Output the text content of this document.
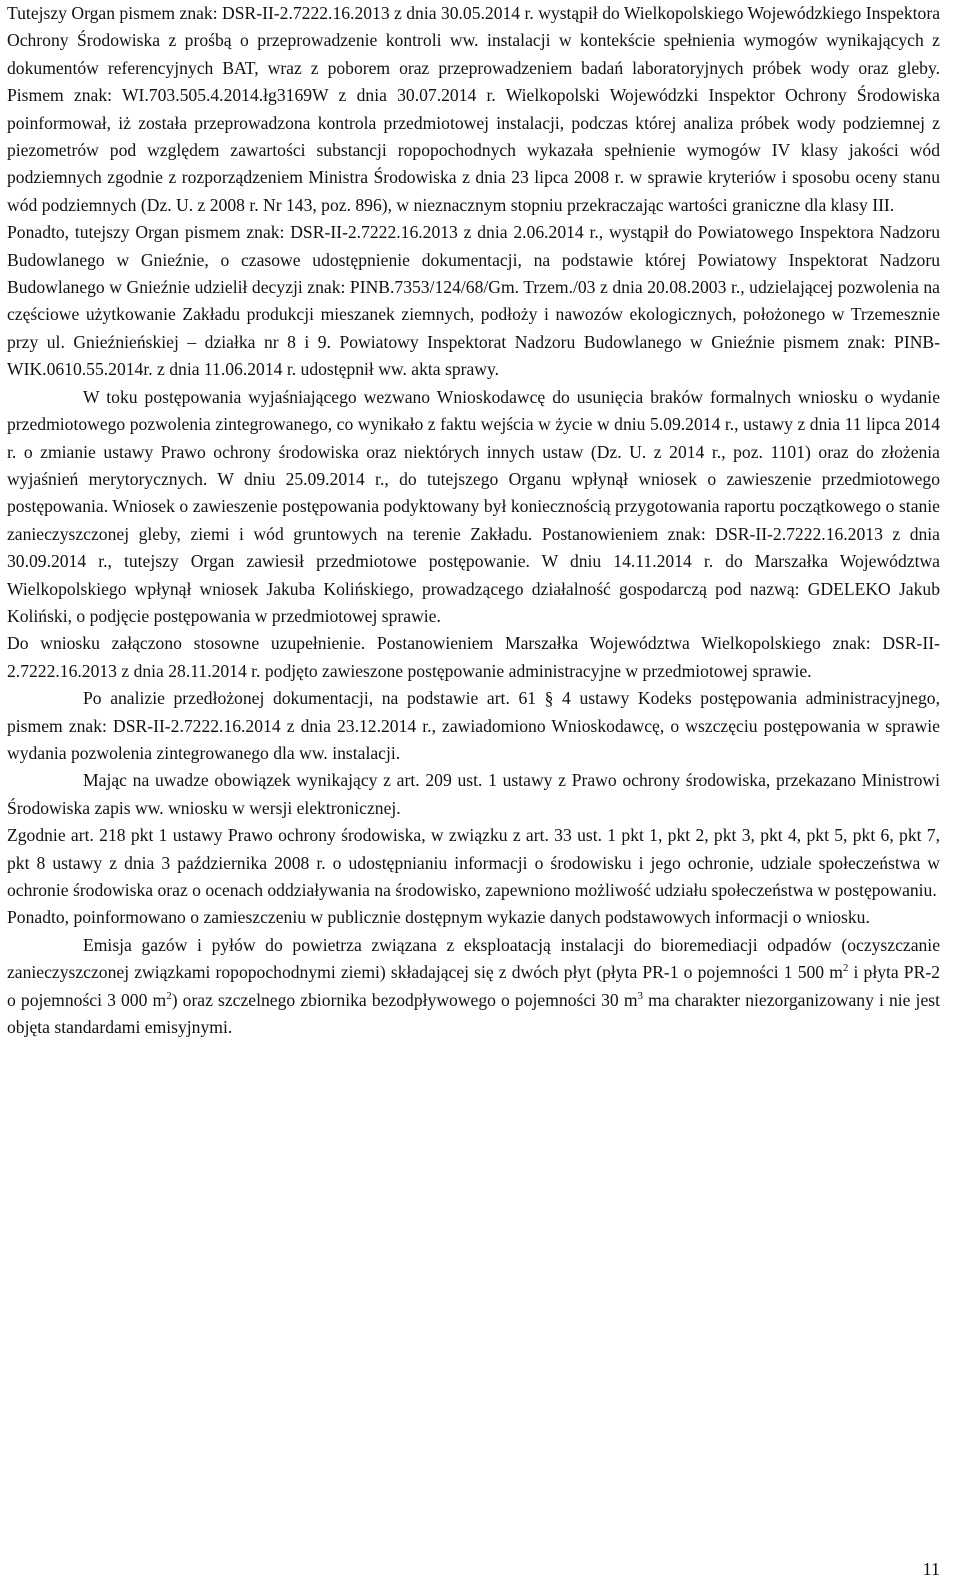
Tutejszy Organ pismem znak: DSR-II-2.7222.16.2013 z dnia 30.05.2014 r. wystąpił do Wielkopolskiego Wojewódzkiego Inspektora Ochrony Środowiska z prośbą o przeprowadzenie kontroli ww. instalacji w kontekście spełnienia wymogów wynikających z dokumentów referencyjnych BAT, wraz z poborem oraz przeprowadzeniem badań laboratoryjnych próbek wody oraz gleby. Pismem znak: WI.703.505.4.2014.łg3169W z dnia 30.07.2014 r. Wielkopolski Wojewódzki Inspektor Ochrony Środowiska poinformował, iż została przeprowadzona kontrola przedmiotowej instalacji, podczas której analiza próbek wody podziemnej z piezometrów pod względem zawartości substancji ropopochodnych wykazała spełnienie wymogów IV klasy jakości wód podziemnych zgodnie z rozporządzeniem Ministra Środowiska z dnia 23 lipca 2008 r. w sprawie kryteriów i sposobu oceny stanu wód podziemnych (Dz. U. z 2008 r. Nr 143, poz. 896), w nieznacznym stopniu przekraczając wartości graniczne dla klasy III.

Ponadto, tutejszy Organ pismem znak: DSR-II-2.7222.16.2013 z dnia 2.06.2014 r., wystąpił do Powiatowego Inspektora Nadzoru Budowlanego w Gnieźnie, o czasowe udostępnienie dokumentacji, na podstawie której Powiatowy Inspektorat Nadzoru Budowlanego w Gnieźnie udzielił decyzji znak: PINB.7353/124/68/Gm. Trzem./03 z dnia 20.08.2003 r., udzielającej pozwolenia na częściowe użytkowanie Zakładu produkcji mieszanek ziemnych, podłoży i nawozów ekologicznych, położonego w Trzemesznie przy ul. Gnieźnieńskiej – działka nr 8 i 9. Powiatowy Inspektorat Nadzoru Budowlanego w Gnieźnie pismem znak: PINB-WIK.0610.55.2014r. z dnia 11.06.2014 r. udostępnił ww. akta sprawy.

W toku postępowania wyjaśniającego wezwano Wnioskodawcę do usunięcia braków formalnych wniosku o wydanie przedmiotowego pozwolenia zintegrowanego, co wynikało z faktu wejścia w życie w dniu 5.09.2014 r., ustawy z dnia 11 lipca 2014 r. o zmianie ustawy Prawo ochrony środowiska oraz niektórych innych ustaw (Dz. U. z 2014 r., poz. 1101) oraz do złożenia wyjaśnień merytorycznych. W dniu 25.09.2014 r., do tutejszego Organu wpłynął wniosek o zawieszenie przedmiotowego postępowania. Wniosek o zawieszenie postępowania podyktowany był koniecznością przygotowania raportu początkowego o stanie zanieczyszczonej gleby, ziemi i wód gruntowych na terenie Zakładu. Postanowieniem znak: DSR-II-2.7222.16.2013 z dnia 30.09.2014 r., tutejszy Organ zawiesił przedmiotowe postępowanie. W dniu 14.11.2014 r. do Marszałka Województwa Wielkopolskiego wpłynął wniosek Jakuba Kolińskiego, prowadzącego działalność gospodarczą pod nazwą: GDELEKO Jakub Koliński, o podjęcie postępowania w przedmiotowej sprawie.

Do wniosku załączono stosowne uzupełnienie. Postanowieniem Marszałka Województwa Wielkopolskiego znak: DSR-II-2.7222.16.2013 z dnia 28.11.2014 r. podjęto zawieszone postępowanie administracyjne w przedmiotowej sprawie.

Po analizie przedłożonej dokumentacji, na podstawie art. 61 § 4 ustawy Kodeks postępowania administracyjnego, pismem znak: DSR-II-2.7222.16.2014 z dnia 23.12.2014 r., zawiadomiono Wnioskodawcę, o wszczęciu postępowania w sprawie wydania pozwolenia zintegrowanego dla ww. instalacji.

Mając na uwadze obowiązek wynikający z art. 209 ust. 1 ustawy z Prawo ochrony środowiska, przekazano Ministrowi Środowiska zapis ww. wniosku w wersji elektronicznej.

Zgodnie art. 218 pkt 1 ustawy Prawo ochrony środowiska, w związku z art. 33 ust. 1 pkt 1, pkt 2, pkt 3, pkt 4, pkt 5, pkt 6, pkt 7, pkt 8 ustawy z dnia 3 października 2008 r. o udostępnianiu informacji o środowisku i jego ochronie, udziale społeczeństwa w ochronie środowiska oraz o ocenach oddziaływania na środowisko, zapewniono możliwość udziału społeczeństwa w postępowaniu.

Ponadto, poinformowano o zamieszczeniu w publicznie dostępnym wykazie danych podstawowych informacji o wniosku.

Emisja gazów i pyłów do powietrza związana z eksploatacją instalacji do bioremediacji odpadów (oczyszczanie zanieczyszczonej związkami ropopochodnymi ziemi) składającej się z dwóch płyt (płyta PR-1 o pojemności 1 500 $m^2$ i płyta PR-2 o pojemności 3 000 $m^2$) oraz szczelnego zbiornika bezodpływowego o pojemności 30 $m^3$ ma charakter niezorganizowany i nie jest objęta standardami emisyjnymi.

11
